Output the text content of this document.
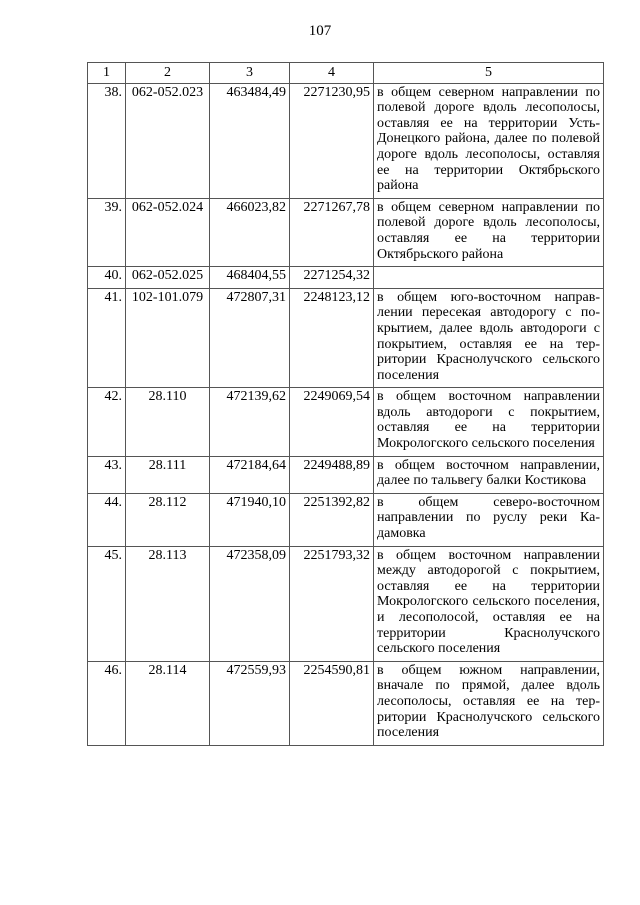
107
1	2	3	4	5
38.	062-052.023	463484,49	2271230,95	в общем северном направлении по полевой дороге вдоль лесополосы, оставляя ее на территории Усть-Донецкого района, далее по полевой дороге вдоль лесополосы, оставляя ее на территории Октябрьского района
39.	062-052.024	466023,82	2271267,78	в общем северном направлении по полевой дороге вдоль лесополосы, оставляя ее на территории Октябрьского района
40.	062-052.025	468404,55	2271254,32	
41.	102-101.079	472807,31	2248123,12	в общем юго-восточном направлении пересекая автодорогу с покрытием, далее вдоль автодороги с покрытием, оставляя ее на территории Краснолучского сельского поселения
42.	28.110	472139,62	2249069,54	в общем восточном направлении вдоль автодороги с покрытием, оставляя ее на территории Мокрологского сельского поселения
43.	28.111	472184,64	2249488,89	в общем восточном направлении, далее по тальвегу балки Костикова
44.	28.112	471940,10	2251392,82	в общем северо-восточном направлении по руслу реки Кадамовка
45.	28.113	472358,09	2251793,32	в общем восточном направлении между автодорогой с покрытием, оставляя ее на территории Мокрологского сельского поселения, и лесополосой, оставляя ее на территории Краснолучского сельского поселения
46.	28.114	472559,93	2254590,81	в общем южном направлении, вначале по прямой, далее вдоль лесополосы, оставляя ее на территории Краснолучского сельского поселения
